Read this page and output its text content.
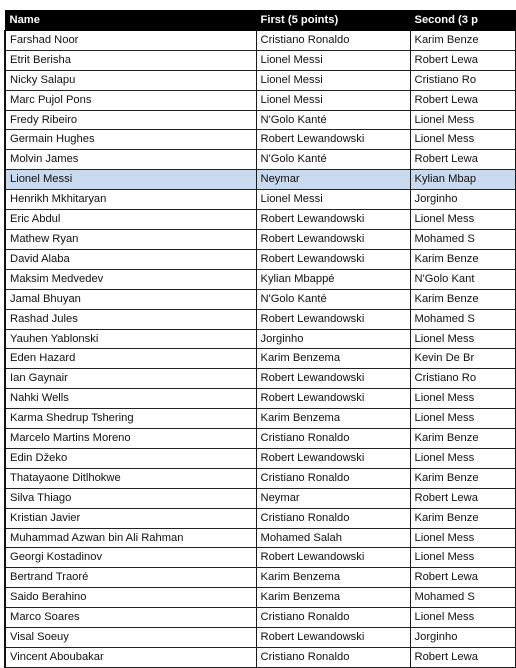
Name	First (5 points)	Second (3 p
Farshad Noor	Cristiano Ronaldo	Karim Benze
Etrit Berisha	Lionel Messi	Robert Lewa
Nicky Salapu	Lionel Messi	Cristiano Ro
Marc Pujol Pons	Lionel Messi	Robert Lewa
Fredy Ribeiro	N'Golo Kanté	Lionel Mess
Germain Hughes	Robert Lewandowski	Lionel Mess
Molvin James	N'Golo Kanté	Robert Lewa
Lionel Messi	Neymar	Kylian Mbap
Henrikh Mkhitaryan	Lionel Messi	Jorginho
Eric Abdul	Robert Lewandowski	Lionel Mess
Mathew Ryan	Robert Lewandowski	Mohamed S
David Alaba	Robert Lewandowski	Karim Benze
Maksim Medvedev	Kylian Mbappé	N'Golo Kant
Jamal Bhuyan	N'Golo Kanté	Karim Benze
Rashad Jules	Robert Lewandowski	Mohamed S
Yauhen Yablonski	Jorginho	Lionel Mess
Eden Hazard	Karim Benzema	Kevin De Br
Ian Gaynair	Robert Lewandowski	Cristiano Ro
Nahki Wells	Robert Lewandowski	Lionel Mess
Karma Shedrup Tshering	Karim Benzema	Lionel Mess
Marcelo Martins Moreno	Cristiano Ronaldo	Karim Benze
Edin Džeko	Robert Lewandowski	Lionel Mess
Thatayaone Ditlhokwe	Cristiano Ronaldo	Karim Benze
Silva Thiago	Neymar	Robert Lewa
Kristian Javier	Cristiano Ronaldo	Karim Benze
Muhammad Azwan bin Ali Rahman	Mohamed Salah	Lionel Mess
Georgi Kostadinov	Robert Lewandowski	Lionel Mess
Bertrand Traoré	Karim Benzema	Robert Lewa
Saido Berahino	Karim Benzema	Mohamed S
Marco Soares	Cristiano Ronaldo	Lionel Mess
Visal Soeuy	Robert Lewandowski	Jorginho
Vincent Aboubakar	Cristiano Ronaldo	Robert Lewa
